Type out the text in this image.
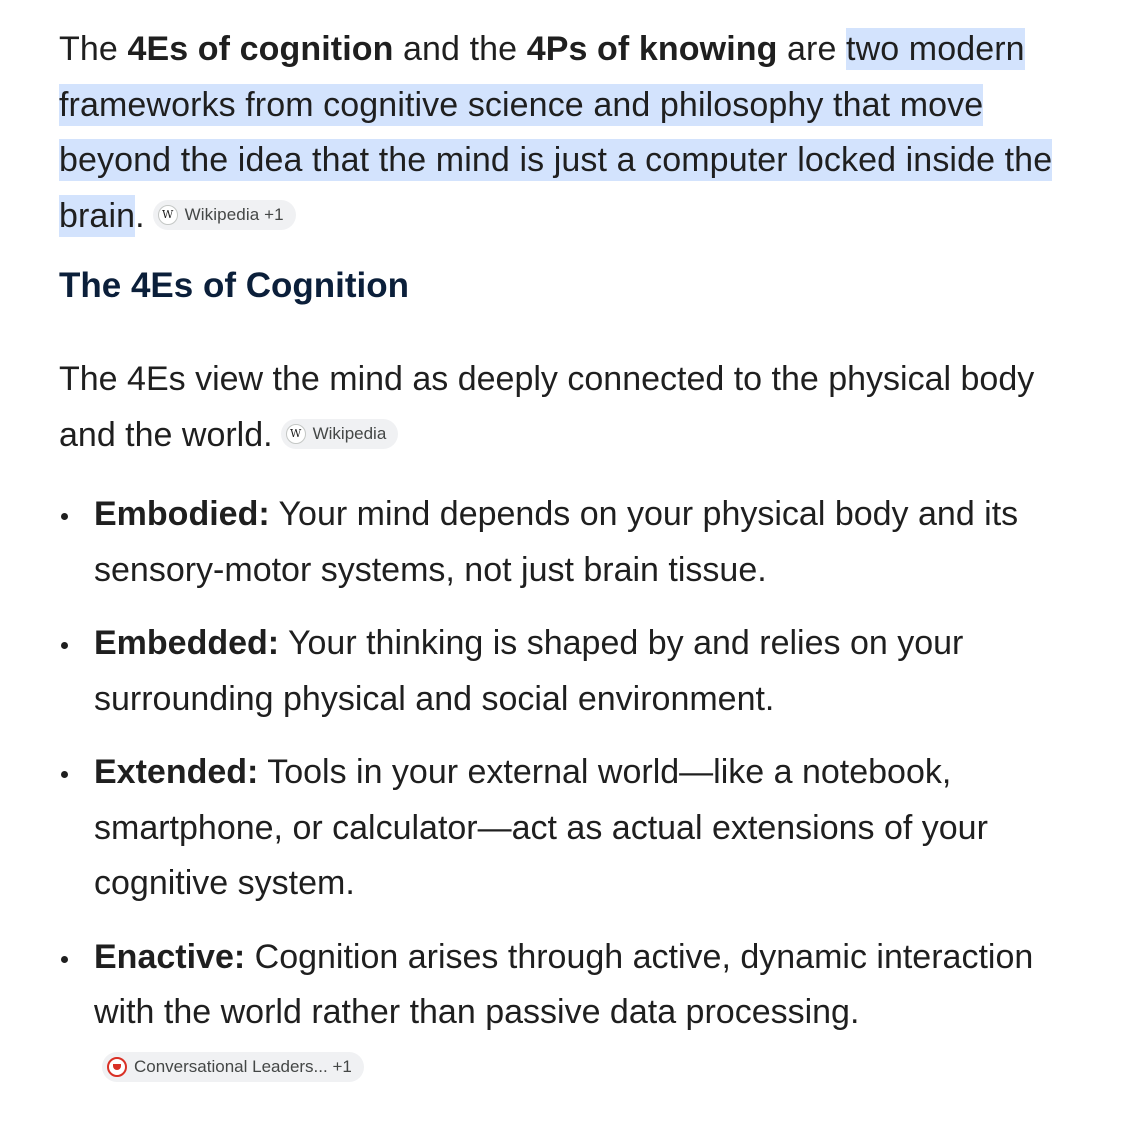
The 4Es of cognition and the 4Ps of knowing are two modern frameworks from cognitive science and philosophy that move beyond the idea that the mind is just a computer locked inside the brain.	W Wikipedia +1

The 4Es of Cognition

The 4Es view the mind as deeply connected to the physical body and the world.	W Wikipedia

Embodied: Your mind depends on your physical body and its sensory-motor systems, not just brain tissue.
Embedded: Your thinking is shaped by and relies on your surrounding physical and social environment.
Extended: Tools in your external world—like a notebook, smartphone, or calculator—act as actual extensions of your cognitive system.
Enactive: Cognition arises through active, dynamic interaction with the world rather than passive data processing.
Conversational Leaders... +1
